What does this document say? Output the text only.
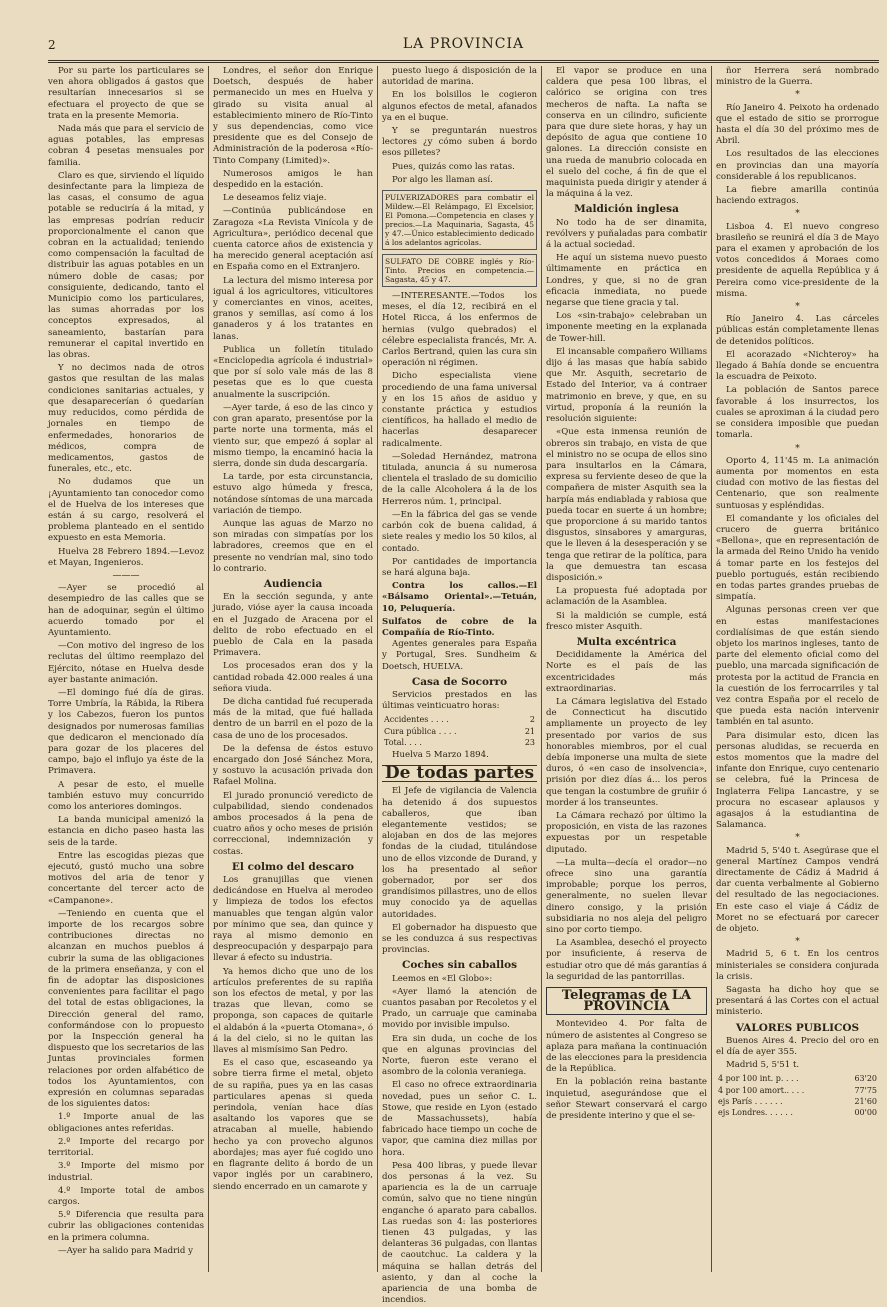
2	LA PROVINCIA

Por su parte los particulares se ven ahora obligados á gastos que resultarían innecesarios si se efectuara el proyecto de que se trata en la presente Memoria.

Nada más que para el servicio de aguas potables, las empresas cobran 4 pesetas mensuales por familia.

Claro es que, sirviendo el líquido desinfectante para la limpieza de las casas, el consumo de agua potable se reduciría á la mitad, y las empresas podrían reducir proporcionalmente el canon que cobran en la actualidad; teniendo como compensación la facultad de distribuir las aguas potables en un número doble de casas; por consiguiente, dedicando, tanto el Municipio como los particulares, las sumas ahorradas por los conceptos expresados, al saneamiento, bastarían para remunerar el capital invertido en las obras.

Y no decimos nada de otros gastos que resultan de las malas condiciones sanitarias actuales, y que desaparecerían ó quedarían muy reducidos, como pérdida de jornales en tiempo de enfermedades, honorarios de médicos, compra de medicamentos, gastos de funerales, etc., etc.

No dudamos que un ¡Ayuntamiento tan conocedor como el de Huelva de los intereses que están á su cargo, resolverá el problema planteado en el sentido expuesto en esta Memoria.

Huelva 28 Febrero 1894.—Levoz et Mayan, Ingenieros.

———

—Ayer se procedió al desempiedro de las calles que se han de adoquinar, según el último acuerdo tomado por el Ayuntamiento.

—Con motivo del ingreso de los reclutas del último reemplazo del Ejército, nótase en Huelva desde ayer bastante animación.

—El domingo fué día de giras. Torre Umbría, la Rábida, la Ribera y los Cabezos, fueron los puntos designados por numerosas familias que dedicaron el mencionado día para gozar de los placeres del campo, bajo el influjo ya éste de la Primavera.

A pesar de esto, el muelle también estuvo muy concurrido como los anteriores domingos.

La banda municipal amenizó la estancia en dicho paseo hasta las seis de la tarde.

Entre las escogidas piezas que ejecutó, gustó mucho una sobre motivos del aria de tenor y concertante del tercer acto de «Campanone».

—Teniendo en cuenta que el importe de los recargos sobre contribuciones directas no alcanzan en muchos pueblos á cubrir la suma de las obligaciones de la primera enseñanza, y con el fin de adoptar las disposiciones convenientes para facilitar el pago del total de estas obligaciones, la Dirección general del ramo, conformándose con lo propuesto por la Inspección general ha dispuesto que los secretarios de las Juntas provinciales formen relaciones por orden alfabético de todos los Ayuntamientos, con expresión en columnas separadas de los siguientes datos:

1.º Importe anual de las obligaciones antes referidas.

2.º Importe del recargo por territorial.

3.º Importe del mismo por industrial.

4.º Importe total de ambos cargos.

5.º Diferencia que resulta para cubrir las obligaciones contenidas en la primera columna.

—Ayer ha salido para Madrid y

Londres, el señor don Enrique Doetsch, después de haber permanecido un mes en Huelva y girado su visita anual al establecimiento minero de Río-Tinto y sus dependencias, como vice presidente que es del Consejo de Administración de la poderosa «Río-Tinto Company (Limited)».

Numerosos amigos le han despedido en la estación.

Le deseamos feliz viaje.

—Continúa publicándose en Zaragoza «La Revista Vinícola y de Agricultura», periódico decenal que cuenta catorce años de existencia y ha merecido general aceptación así en España como en el Extranjero.

La lectura del mismo interesa por igual á los agricultores, viticultores y comerciantes en vinos, aceites, granos y semillas, así como á los ganaderos y á los tratantes en lanas.

Publica un folletín titulado «Enciclopedia agrícola é industrial» que por sí solo vale más de las 8 pesetas que es lo que cuesta anualmente la suscripción.

—Ayer tarde, á eso de las cinco y con gran aparato, presentóse por la parte norte una tormenta, más el viento sur, que empezó á soplar al mismo tiempo, la encaminó hacia la sierra, donde sin duda descargaría.

La tarde, por esta circunstancia, estuvo algo húmeda y fresca, notándose síntomas de una marcada variación de tiempo.

Aunque las aguas de Marzo no son miradas con simpatías por los labradores, creemos que en el presente no vendrían mal, sino todo lo contrario.

Audiencia

En la sección segunda, y ante jurado, vióse ayer la causa incoada en el Juzgado de Aracena por el delito de robo efectuado en el pueblo de Cala en la pasada Primavera.

Los procesados eran dos y la cantidad robada 42.000 reales á una señora viuda.

De dicha cantidad fué recuperada más de la mitad, que fué hallada dentro de un barril en el pozo de la casa de uno de los procesados.

De la defensa de éstos estuvo encargado don José Sánchez Mora, y sostuvo la acusación privada don Rafael Molina.

El jurado pronunció veredicto de culpabilidad, siendo condenados ambos procesados á la pena de cuatro años y ocho meses de prisión correccional, indemnización y costas.

El colmo del descaro

Los granujillas que vienen dedicándose en Huelva al merodeo y limpieza de todos los efectos manuables que tengan algún valor por mínimo que sea, dan quince y raya al mismo demonio en despreocupación y desparpajo para llevar á efecto su industria.

Ya hemos dicho que uno de los artículos preferentes de su rapiña son los efectos de metal, y por las trazas que llevan, como se proponga, son capaces de quitarle el aldabón á la «puerta Otomana», ó á la del cielo, si no le quitan las llaves al mismísimo San Pedro.

Es el caso que, escaseando ya sobre tierra firme el metal, objeto de su rapiña, pues ya en las casas particulares apenas si queda perindola, venían hace días asaltando los vapores que se atracaban al muelle, habiendo hecho ya con provecho algunos abordajes; mas ayer fué cogido uno en flagrante delito á bordo de un vapor inglés por un carabinero, siendo encerrado en un camarote y

puesto luego á disposición de la autoridad de marina.

En los bolsillos le cogieron algunos efectos de metal, afanados ya en el buque.

Y se preguntarán nuestros lectores ¿y cómo suben á bordo esos pilletes?

Pues, quizás como las ratas.

Por algo les llaman así.

PULVERIZADORES para combatir el Mildew.—El Relámpago, El Excelsior, El Pomona.—Competencia en clases y precios.—La Maquinaria, Sagasta, 45 y 47.—Único establecimiento dedicado á los adelantos agrícolas.
SULFATO DE COBRE inglés y Río-Tinto. Precios en competencia.—Sagasta, 45 y 47.

—INTERESANTE.—Todos los meses, el día 12, recibirá en el Hotel Ricca, á los enfermos de hernias (vulgo quebrados) el célebre especialista francés, Mr. A. Carlos Bertrand, quien las cura sin operación ni régimen.

Dicho especialista viene procediendo de una fama universal y en los 15 años de asiduo y constante práctica y estudios científicos, ha hallado el medio de hacerlas desaparecer radicalmente.

—Soledad Hernández, matrona titulada, anuncia á su numerosa clientela el traslado de su domicilio de la calle Alcoholera á la de los Herreros núm. 1, principal.

—En la fábrica del gas se vende carbón cok de buena calidad, á siete reales y medio los 50 kilos, al contado.

Por cantidades de importancia se hará alguna baja.

Contra los callos.—El «Bálsamo Oriental».—Tetuán, 10, Peluquería.

Sulfatos de cobre de la Compañía de Río-Tinto.

Agentes generales para España y Portugal, Sres. Sundheim & Doetsch, HUELVA.

Casa de Socorro

Servicios prestados en las últimas veinticuatro horas:

Accidentes . . . .	2
Cura pública . . . .	21
Total. . . .	23

Huelva 5 Marzo 1894.

De todas partes

El Jefe de vigilancia de Valencia ha detenido á dos supuestos caballeros, que iban elegantemente vestidos; se alojaban en dos de las mejores fondas de la ciudad, titulándose uno de ellos vizconde de Durand, y los ha presentado al señor gobernador, por ser dos grandísimos pillastres, uno de ellos muy conocido ya de aquellas autoridades.

El gobernador ha dispuesto que se les conduzca á sus respectivas provincias.

Coches sin caballos

Leemos en «El Globo»:

«Ayer llamó la atención de cuantos pasaban por Recoletos y el Prado, un carruaje que caminaba movido por invisible impulso.

Era sin duda, un coche de los que en algunas provincias del Norte, fueron este verano el asombro de la colonia veraniega.

El caso no ofrece extraordinaria novedad, pues un señor C. L. Stowe, que reside en Lyon (estado de Massachussets), había fabricado hace tiempo un coche de vapor, que camina diez millas por hora.

Pesa 400 libras, y puede llevar dos personas á la vez. Su apariencia es la de un carruaje común, salvo que no tiene ningún enganche ó aparato para caballos. Las ruedas son 4: las posteriores tienen 43 pulgadas, y las delanteras 36 pulgadas, con llantas de caoutchuc. La caldera y la máquina se hallan detrás del asiento, y dan al coche la apariencia de una bomba de incendios.

El vapor se produce en una caldera que pesa 100 libras, el calórico se origina con tres mecheros de nafta. La nafta se conserva en un cilindro, suficiente para que dure siete horas, y hay un depósito de agua que contiene 10 galones. La dirección consiste en una rueda de manubrio colocada en el suelo del coche, á fin de que el maquinista pueda dirigir y atender á la máquina á la vez.

Maldición inglesa

No todo ha de ser dinamita, revólvers y puñaladas para combatir á la actual sociedad.

He aquí un sistema nuevo puesto últimamente en práctica en Londres, y que, si no de gran eficacia inmediata, no puede negarse que tiene gracia y tal.

Los «sin-trabajo» celebraban un imponente meeting en la explanada de Tower-hill.

El incansable compañero Williams dijo á las masas que había sabido que Mr. Asquith, secretario de Estado del Interior, va á contraer matrimonio en breve, y que, en su virtud, proponía á la reunión la resolución siguiente:

«Que esta inmensa reunión de obreros sin trabajo, en vista de que el ministro no se ocupa de ellos sino para insultarlos en la Cámara, expresa su ferviente deseo de que la compañera de mister Asquith sea la harpía más endiablada y rabiosa que pueda tocar en suerte á un hombre; que proporcione á su marido tantos disgustos, sinsabores y amarguras, que le lleven á la desesperación y se tenga que retirar de la política, para la que demuestra tan escasa disposición.»

La propuesta fué adoptada por aclamación de la Asamblea.

Si la maldición se cumple, está fresco mister Asquith.

Multa excéntrica

Decididamente la América del Norte es el país de las excentricidades más extraordinarias.

La Cámara legislativa del Estado de Connecticut ha discutido ampliamente un proyecto de ley presentado por varios de sus honorables miembros, por el cual debía imponerse una multa de siete duros, ó «en caso de insolvencia», prisión por diez días á... los peros que tengan la costumbre de gruñir ó morder á los transeuntes.

La Cámara rechazó por último la proposición, en vista de las razones expuestas por un respetable diputado.

—La multa—decía el orador—no ofrece sino una garantía improbable; porque los perros, generalmente, no suelen llevar dinero consigo, y la prisión subsidiaria no nos aleja del peligro sino por corto tiempo.

La Asamblea, desechó el proyecto por insuficiente, á reserva de estudiar otro que dé más garantías á la seguridad de las pantorrillas.

Telegramas de LA PROVINCIA

Montevideo 4. Por falta de número de asistentes al Congreso se aplaza para mañana la continuación de las elecciones para la presidencia de la República.

En la población reina bastante inquietud, asegurándose que el señor Stewart conservará el cargo de presidente interino y que el se-

ñor Herrera será nombrado ministro de la Guerra.

*

Río Janeiro 4. Peixoto ha ordenado que el estado de sitio se prorrogue hasta el día 30 del próximo mes de Abril.

Los resultados de las elecciones en provincias dan una mayoría considerable á los republicanos.

La fiebre amarilla continúa haciendo extragos.

*

Lisboa 4. El nuevo congreso brasileño se reunirá el día 3 de Mayo para el examen y aprobación de los votos concedidos á Moraes como presidente de aquella República y á Pereira como vice-presidente de la misma.

*

Río Janeiro 4. Las cárceles públicas están completamente llenas de detenidos políticos.

El acorazado «Nichteroy» ha llegado á Bahía donde se encuentra la escuadra de Peixoto.

La población de Santos parece favorable á los insurrectos, los cuales se aproximan á la ciudad pero se considera imposible que puedan tomarla.

*

Oporto 4, 11'45 m. La animación aumenta por momentos en esta ciudad con motivo de las fiestas del Centenario, que son realmente suntuosas y espléndidas.

El comandante y los oficiales del crucero de guerra británico «Bellona», que en representación de la armada del Reino Unido ha venido á tomar parte en los festejos del pueblo portugués, están recibiendo en todas partes grandes pruebas de simpatía.

Algunas personas creen ver que en estas manifestaciones cordialísimas de que están siendo objeto los marinos ingleses, tanto de parte del elemento oficial como del pueblo, una marcada significación de protesta por la actitud de Francia en la cuestión de los ferrocarriles y tal vez contra España por el recelo de que pueda esta nación intervenir también en tal asunto.

Para disimular esto, dicen las personas aludidas, se recuerda en estos momentos que la madre del infante don Enrique, cuyo centenario se celebra, fué la Princesa de Inglaterra Felipa Lancastre, y se procura no escasear aplausos y agasajos á la estudiantina de Salamanca.

*

Madrid 5, 5'40 t. Asegúrase que el general Martínez Campos vendrá directamente de Cádiz á Madrid á dar cuenta verbalmente al Gobierno del resultado de las negociaciones. En este caso el viaje á Cádiz de Moret no se efectuará por carecer de objeto.

*

Madrid 5, 6 t. En los centros ministeriales se considera conjurada la crisis.

Sagasta ha dicho hoy que se presentará á las Cortes con el actual ministerio.

VALORES PUBLICOS

Buenos Aires 4. Precio del oro en el día de ayer 355.

Madrid 5, 5'51 t.

4 por 100 int. p. . . .	63'20
4 por 100 amort.. . . .	77'75
ejs París . . . . . .	21'60
ejs Londres. . . . . .	00'00
